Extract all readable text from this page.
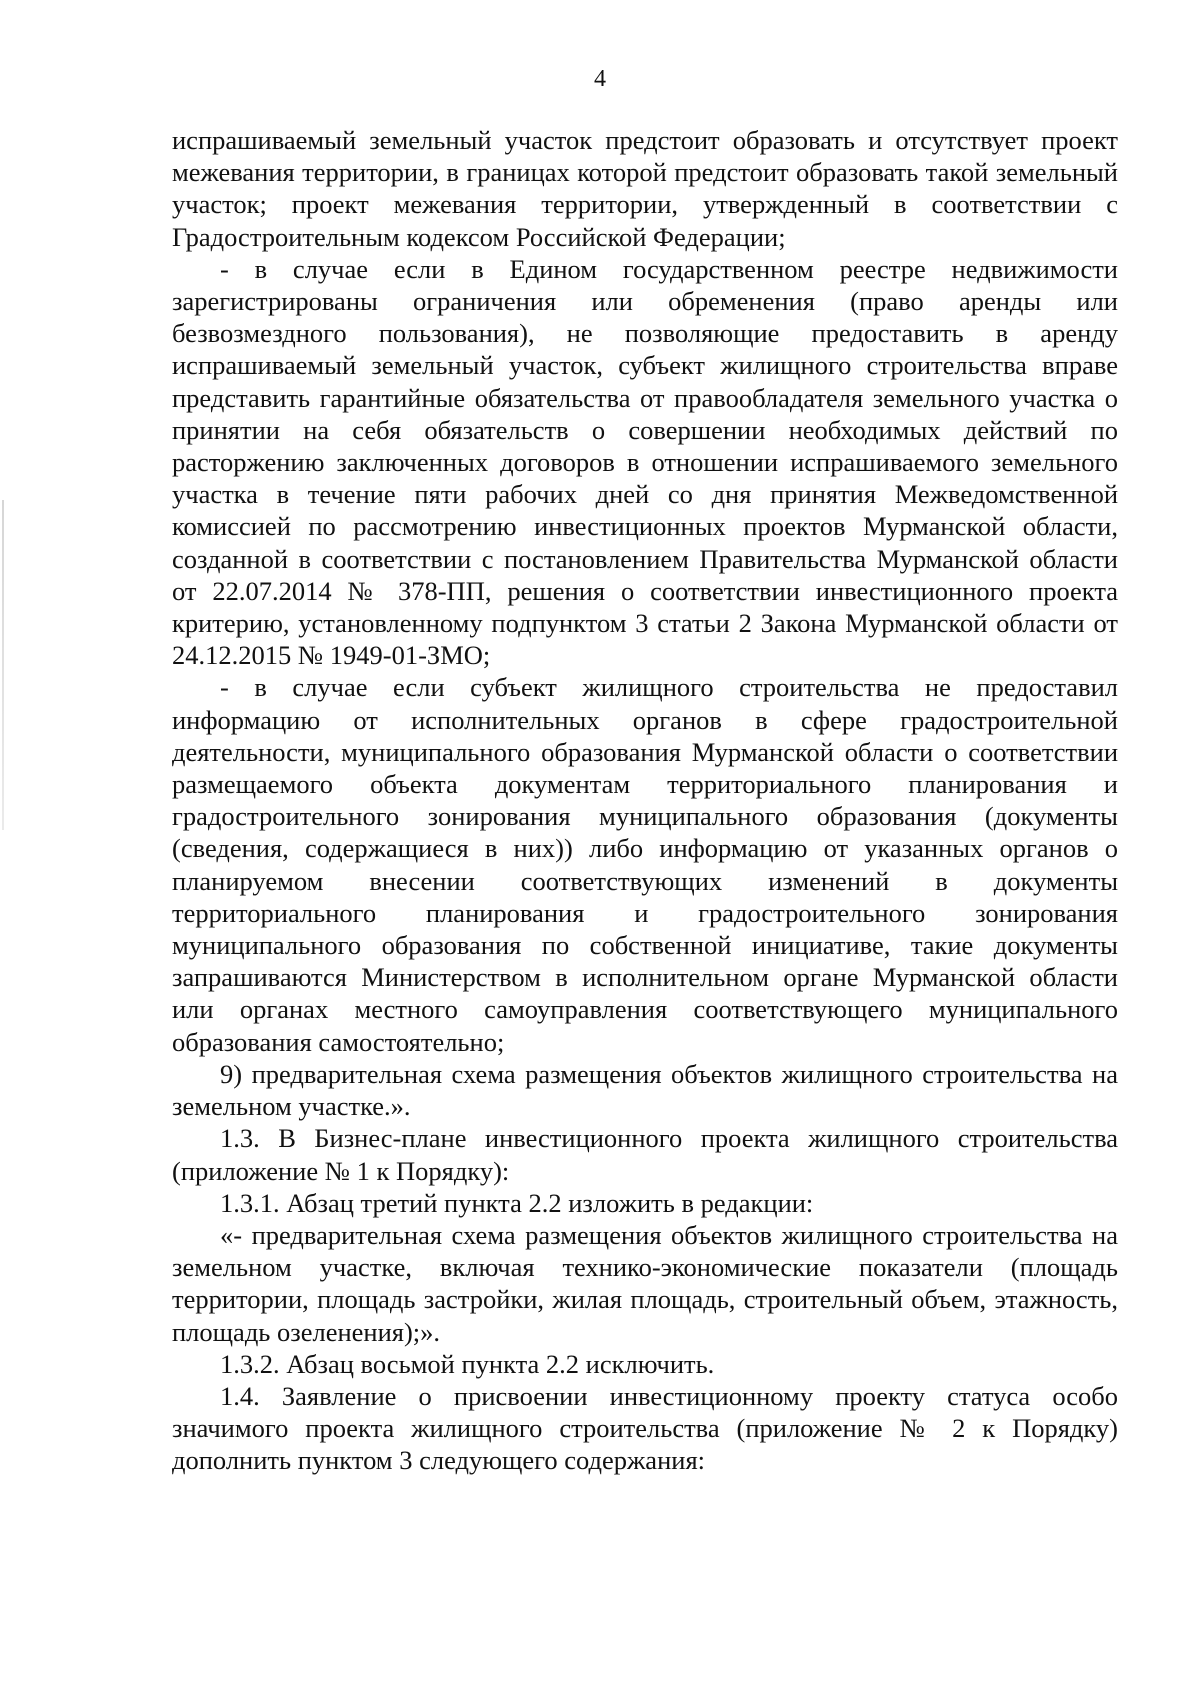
4

испрашиваемый земельный участок предстоит образовать и отсутствует проект межевания территории, в границах которой предстоит образовать такой земельный участок; проект межевания территории, утвержденный в соответствии с Градостроительным кодексом Российской Федерации;

- в случае если в Едином государственном реестре недвижимости зарегистрированы ограничения или обременения (право аренды или безвозмездного пользования), не позволяющие предоставить в аренду испрашиваемый земельный участок, субъект жилищного строительства вправе представить гарантийные обязательства от правообладателя земельного участка о принятии на себя обязательств о совершении необходимых действий по расторжению заключенных договоров в отношении испрашиваемого земельного участка в течение пяти рабочих дней со дня принятия Межведомственной комиссией по рассмотрению инвестиционных проектов Мурманской области, созданной в соответствии с постановлением Правительства Мурманской области от 22.07.2014 № 378-ПП, решения о соответствии инвестиционного проекта критерию, установленному подпунктом 3 статьи 2 Закона Мурманской области от 24.12.2015 № 1949-01-ЗМО;

- в случае если субъект жилищного строительства не предоставил информацию от исполнительных органов в сфере градостроительной деятельности, муниципального образования Мурманской области о соответствии размещаемого объекта документам территориального планирования и градостроительного зонирования муниципального образования (документы (сведения, содержащиеся в них)) либо информацию от указанных органов о планируемом внесении соответствующих изменений в документы территориального планирования и градостроительного зонирования муниципального образования по собственной инициативе, такие документы запрашиваются Министерством в исполнительном органе Мурманской области или органах местного самоуправления соответствующего муниципального образования самостоятельно;

9) предварительная схема размещения объектов жилищного строительства на земельном участке.».

1.3. В Бизнес-плане инвестиционного проекта жилищного строительства (приложение № 1 к Порядку):

1.3.1. Абзац третий пункта 2.2 изложить в редакции:

«- предварительная схема размещения объектов жилищного строительства на земельном участке, включая технико-экономические показатели (площадь территории, площадь застройки, жилая площадь, строительный объем, этажность, площадь озеленения);».

1.3.2. Абзац восьмой пункта 2.2 исключить.

1.4. Заявление о присвоении инвестиционному проекту статуса особо значимого проекта жилищного строительства (приложение № 2 к Порядку) дополнить пунктом 3 следующего содержания:
